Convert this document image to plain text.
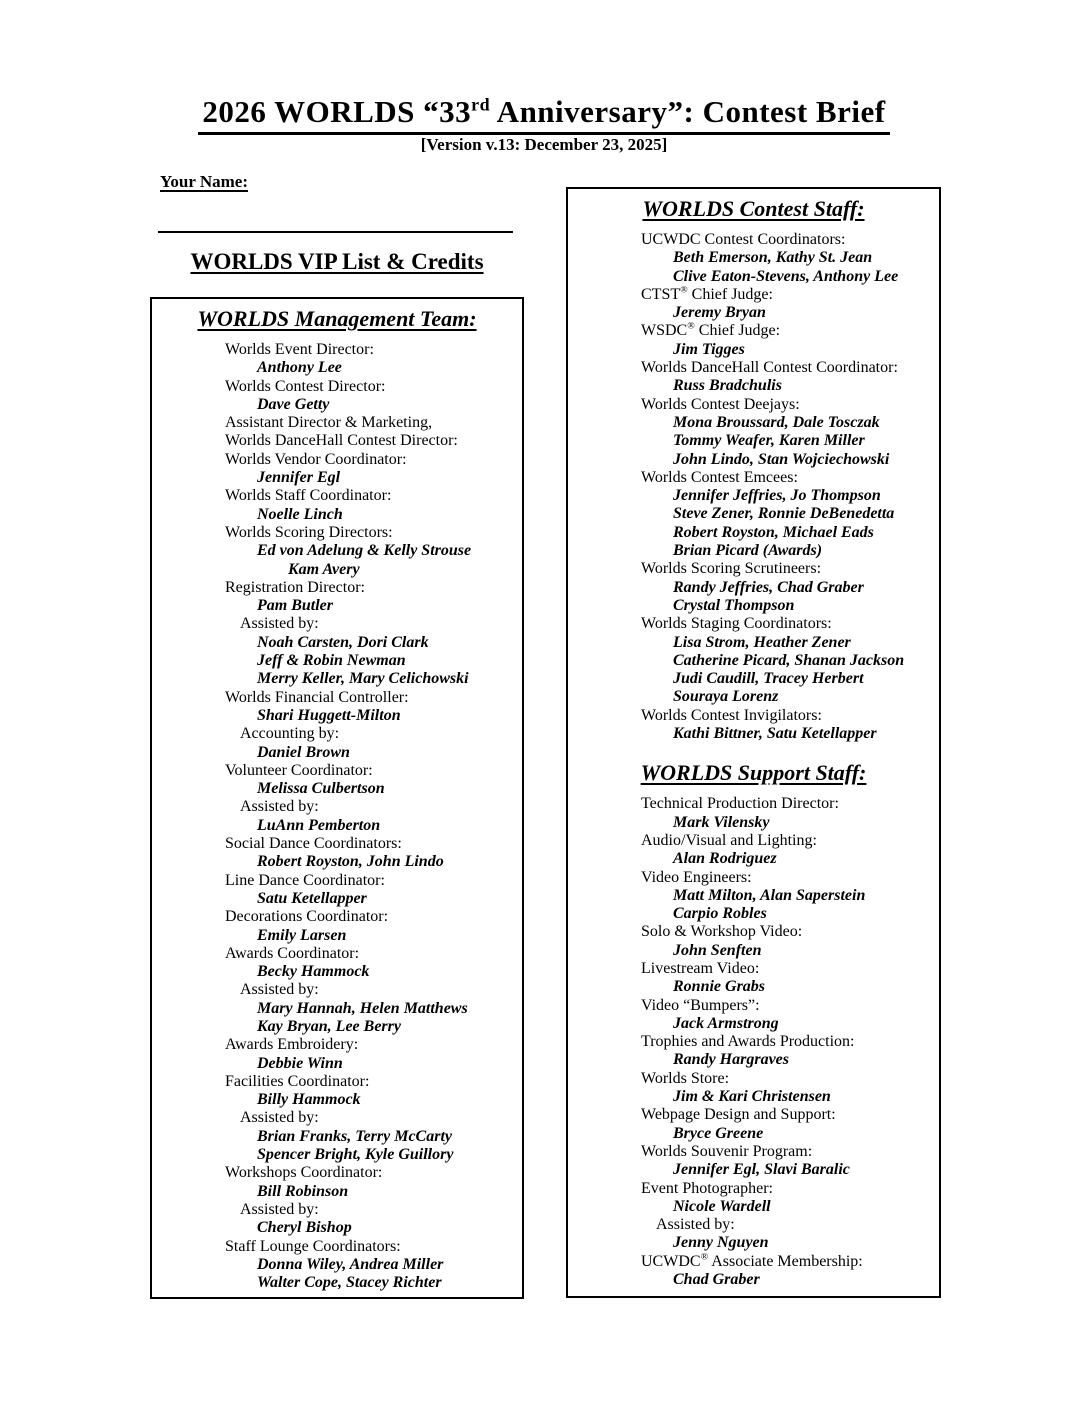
2026 WORLDS “33rd Anniversary”: Contest Brief
[Version v.13: December 23, 2025]
Your Name:
WORLDS VIP List & Credits
WORLDS Management Team:
Worlds Event Director:
Anthony Lee
Worlds Contest Director:
Dave Getty
Assistant Director & Marketing,
Worlds DanceHall Contest Director:
Worlds Vendor Coordinator:
Jennifer Egl
Worlds Staff Coordinator:
Noelle Linch
Worlds Scoring Directors:
Ed von Adelung & Kelly Strouse
Kam Avery
Registration Director:
Pam Butler
Assisted by:
Noah Carsten, Dori Clark
Jeff & Robin Newman
Merry Keller, Mary Celichowski
Worlds Financial Controller:
Shari Huggett-Milton
Accounting by:
Daniel Brown
Volunteer Coordinator:
Melissa Culbertson
Assisted by:
LuAnn Pemberton
Social Dance Coordinators:
Robert Royston, John Lindo
Line Dance Coordinator:
Satu Ketellapper
Decorations Coordinator:
Emily Larsen
Awards Coordinator:
Becky Hammock
Assisted by:
Mary Hannah, Helen Matthews
Kay Bryan, Lee Berry
Awards Embroidery:
Debbie Winn
Facilities Coordinator:
Billy Hammock
Assisted by:
Brian Franks, Terry McCarty
Spencer Bright, Kyle Guillory
Workshops Coordinator:
Bill Robinson
Assisted by:
Cheryl Bishop
Staff Lounge Coordinators:
Donna Wiley, Andrea Miller
Walter Cope, Stacey Richter
WORLDS Contest Staff:
UCWDC Contest Coordinators:
Beth Emerson, Kathy St. Jean
Clive Eaton-Stevens, Anthony Lee
CTST® Chief Judge:
Jeremy Bryan
WSDC® Chief Judge:
Jim Tigges
Worlds DanceHall Contest Coordinator:
Russ Bradchulis
Worlds Contest Deejays:
Mona Broussard, Dale Tosczak
Tommy Weafer, Karen Miller
John Lindo, Stan Wojciechowski
Worlds Contest Emcees:
Jennifer Jeffries, Jo Thompson
Steve Zener, Ronnie DeBenedetta
Robert Royston, Michael Eads
Brian Picard (Awards)
Worlds Scoring Scrutineers:
Randy Jeffries, Chad Graber
Crystal Thompson
Worlds Staging Coordinators:
Lisa Strom, Heather Zener
Catherine Picard, Shanan Jackson
Judi Caudill, Tracey Herbert
Souraya Lorenz
Worlds Contest Invigilators:
Kathi Bittner, Satu Ketellapper
WORLDS Support Staff:
Technical Production Director:
Mark Vilensky
Audio/Visual and Lighting:
Alan Rodriguez
Video Engineers:
Matt Milton, Alan Saperstein
Carpio Robles
Solo & Workshop Video:
John Senften
Livestream Video:
Ronnie Grabs
Video “Bumpers”:
Jack Armstrong
Trophies and Awards Production:
Randy Hargraves
Worlds Store:
Jim & Kari Christensen
Webpage Design and Support:
Bryce Greene
Worlds Souvenir Program:
Jennifer Egl, Slavi Baralic
Event Photographer:
Nicole Wardell
Assisted by:
Jenny Nguyen
UCWDC® Associate Membership:
Chad Graber
